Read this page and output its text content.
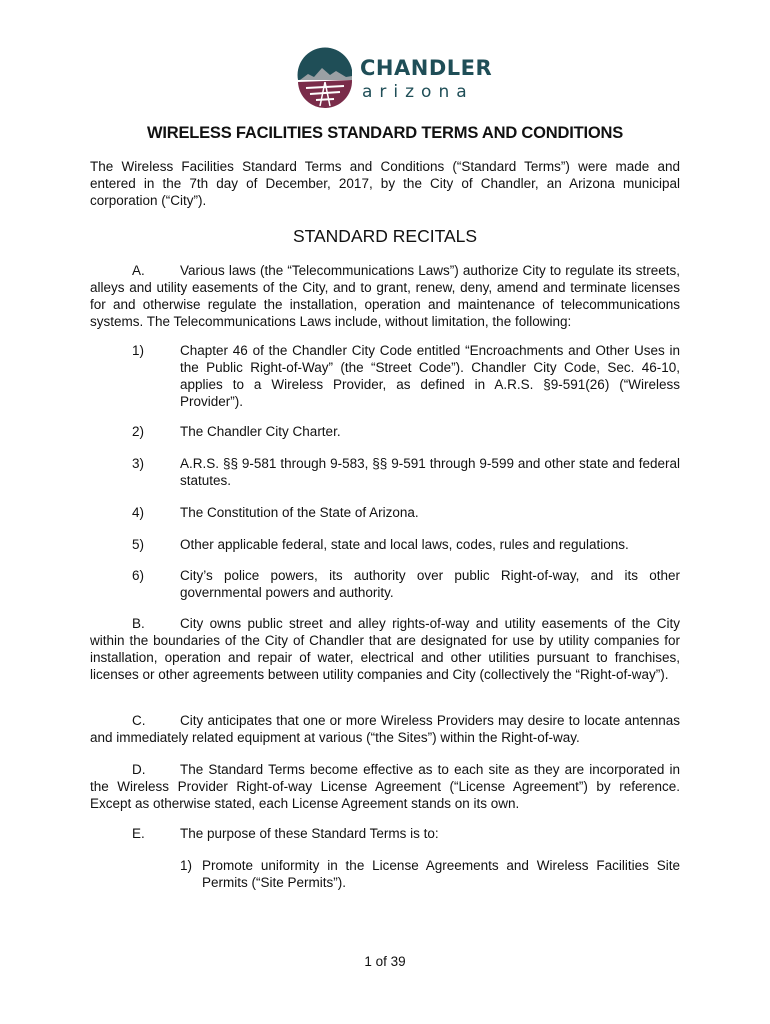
CHANDLER
arizona
WIRELESS FACILITIES STANDARD TERMS AND CONDITIONS
The Wireless Facilities Standard Terms and Conditions (“Standard Terms”) were made and entered in the 7th day of December, 2017, by the City of Chandler, an Arizona municipal corporation (“City”).
STANDARD RECITALS
A.	Various laws (the “Telecommunications Laws”) authorize City to regulate its streets, alleys and utility easements of the City, and to grant, renew, deny, amend and terminate licenses for and otherwise regulate the installation, operation and maintenance of telecommunications systems. The Telecommunications Laws include, without limitation, the following:
1)	Chapter 46 of the Chandler City Code entitled “Encroachments and Other Uses in the Public Right-of-Way” (the “Street Code”). Chandler City Code, Sec. 46-10, applies to a Wireless Provider, as defined in A.R.S. §9-591(26) (“Wireless Provider”).
2)	The Chandler City Charter.
3)	A.R.S. §§ 9-581 through 9-583, §§ 9-591 through 9-599 and other state and federal statutes.
4)	The Constitution of the State of Arizona.
5)	Other applicable federal, state and local laws, codes, rules and regulations.
6)	City’s police powers, its authority over public Right-of-way, and its other governmental powers and authority.
B.	City owns public street and alley rights-of-way and utility easements of the City within the boundaries of the City of Chandler that are designated for use by utility companies for installation, operation and repair of water, electrical and other utilities pursuant to franchises, licenses or other agreements between utility companies and City (collectively the “Right-of-way”).
C.	City anticipates that one or more Wireless Providers may desire to locate antennas and immediately related equipment at various (“the Sites”) within the Right-of-way.
D.	The Standard Terms become effective as to each site as they are incorporated in the Wireless Provider Right-of-way License Agreement (“License Agreement”) by reference. Except as otherwise stated, each License Agreement stands on its own.
E.	The purpose of these Standard Terms is to:
1) Promote uniformity in the License Agreements and Wireless Facilities Site Permits (“Site Permits”).
1 of 39
